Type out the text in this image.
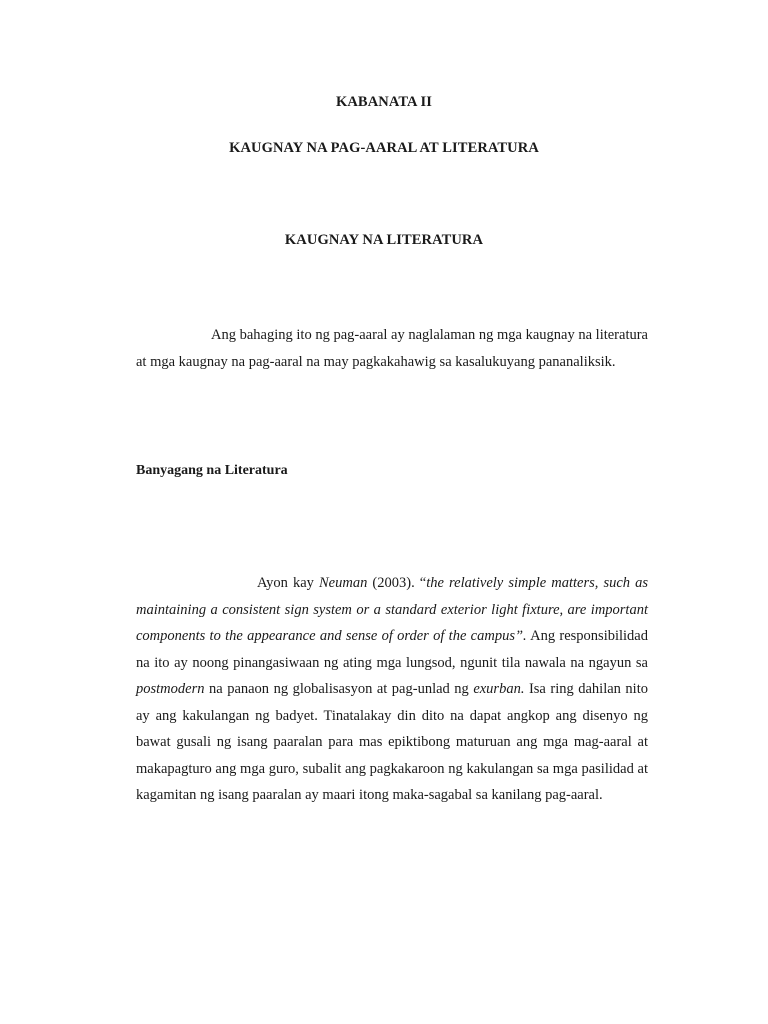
KABANATA II
KAUGNAY NA PAG-AARAL AT LITERATURA
KAUGNAY NA LITERATURA

Ang bahaging ito ng pag-aaral ay naglalaman ng mga kaugnay na literatura at mga kaugnay na pag-aaral na may pagkakahawig sa kasalukuyang pananaliksik.

Banyagang na Literatura

Ayon kay Neuman (2003). “the relatively simple matters, such as maintaining a consistent sign system or a standard exterior light fixture, are important components to the appearance and sense of order of the campus”. Ang responsibilidad na ito ay noong pinangasiwaan ng ating mga lungsod, ngunit tila nawala na ngayun sa postmodern na panaon ng globalisasyon at pag-unlad ng exurban. Isa ring dahilan nito ay ang kakulangan ng badyet. Tinatalakay din dito na dapat angkop ang disenyo ng bawat gusali ng isang paaralan para mas epiktibong maturuan ang mga mag-aaral at makapagturo ang mga guro, subalit ang pagkakaroon ng kakulangan sa mga pasilidad at kagamitan ng isang paaralan ay maari itong maka-sagabal sa kanilang pag-aaral.
